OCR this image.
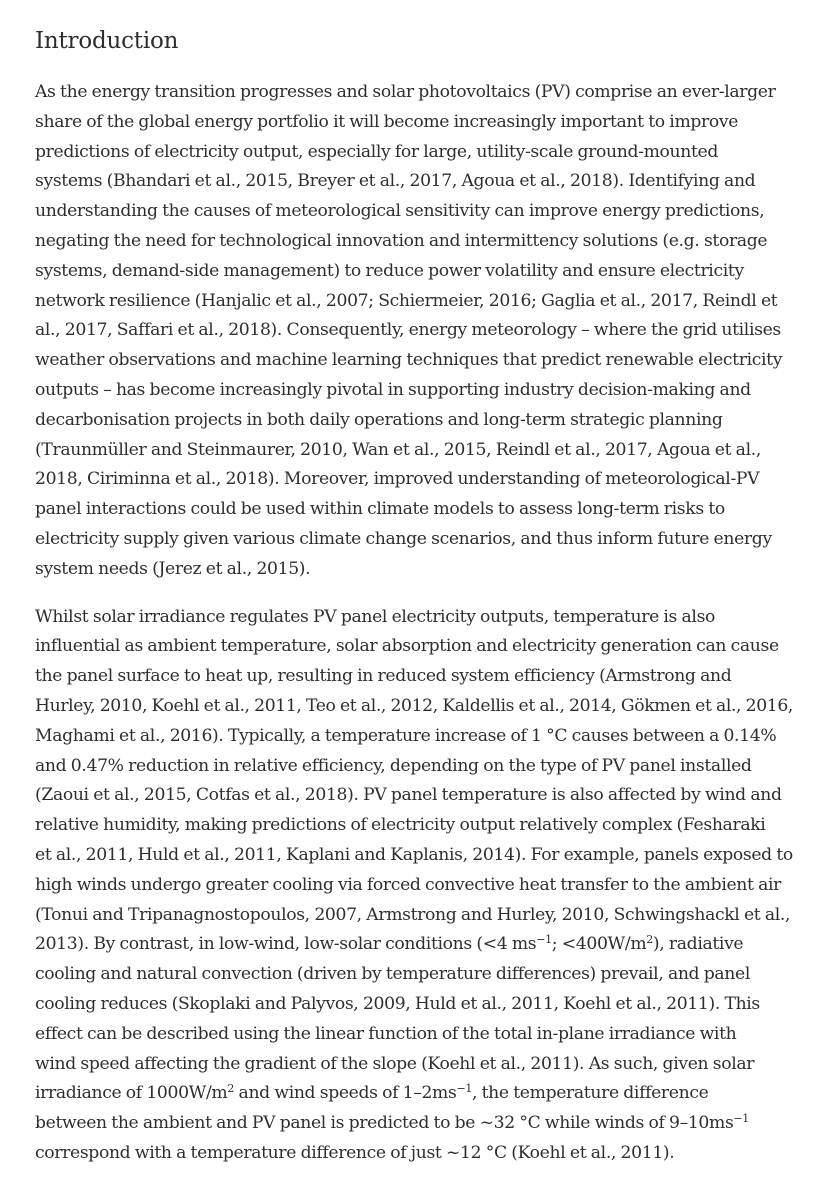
Introduction

As the energy transition progresses and solar photovoltaics (PV) comprise an ever-larger
share of the global energy portfolio it will become increasingly important to improve
predictions of electricity output, especially for large, utility-scale ground-mounted
systems (Bhandari et al., 2015, Breyer et al., 2017, Agoua et al., 2018). Identifying and
understanding the causes of meteorological sensitivity can improve energy predictions,
negating the need for technological innovation and intermittency solutions (e.g. storage
systems, demand-side management) to reduce power volatility and ensure electricity
network resilience (Hanjalic et al., 2007; Schiermeier, 2016; Gaglia et al., 2017, Reindl et
al., 2017, Saffari et al., 2018). Consequently, energy meteorology – where the grid utilises
weather observations and machine learning techniques that predict renewable electricity
outputs – has become increasingly pivotal in supporting industry decision-making and
decarbonisation projects in both daily operations and long-term strategic planning
(Traunmüller and Steinmaurer, 2010, Wan et al., 2015, Reindl et al., 2017, Agoua et al.,
2018, Ciriminna et al., 2018). Moreover, improved understanding of meteorological-PV
panel interactions could be used within climate models to assess long-term risks to
electricity supply given various climate change scenarios, and thus inform future energy
system needs (Jerez et al., 2015).

Whilst solar irradiance regulates PV panel electricity outputs, temperature is also
influential as ambient temperature, solar absorption and electricity generation can cause
the panel surface to heat up, resulting in reduced system efficiency (Armstrong and
Hurley, 2010, Koehl et al., 2011, Teo et al., 2012, Kaldellis et al., 2014, Gökmen et al., 2016,
Maghami et al., 2016). Typically, a temperature increase of 1 °C causes between a 0.14%
and 0.47% reduction in relative efficiency, depending on the type of PV panel installed
(Zaoui et al., 2015, Cotfas et al., 2018). PV panel temperature is also affected by wind and
relative humidity, making predictions of electricity output relatively complex (Fesharaki
et al., 2011, Huld et al., 2011, Kaplani and Kaplanis, 2014). For example, panels exposed to
high winds undergo greater cooling via forced convective heat transfer to the ambient air
(Tonui and Tripanagnostopoulos, 2007, Armstrong and Hurley, 2010, Schwingshackl et al.,
2013). By contrast, in low-wind, low-solar conditions (<4 $ms^{-1}$; $<400W/m^2$), radiative
cooling and natural convection (driven by temperature differences) prevail, and panel
cooling reduces (Skoplaki and Palyvos, 2009, Huld et al., 2011, Koehl et al., 2011). This
effect can be described using the linear function of the total in-plane irradiance with
wind speed affecting the gradient of the slope (Koehl et al., 2011). As such, given solar
irradiance of $1000W/m^2$ and wind speeds of $1-2ms^{-1}$, the temperature difference
between the ambient and PV panel is predicted to be ~32 °C while winds of $9-10ms^{-1}$
correspond with a temperature difference of just ~12 °C (Koehl et al., 2011).
